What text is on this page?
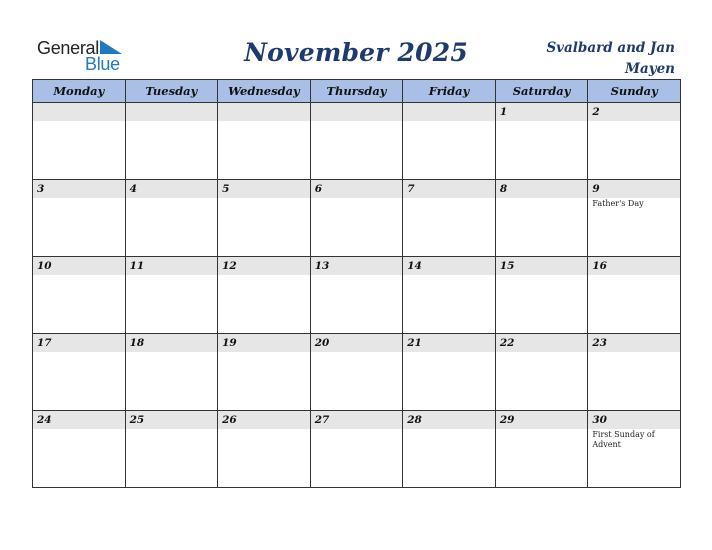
General
Blue	November 2025	Svalbard and Jan Mayen
Monday	Tuesday	Wednesday	Thursday	Friday	Saturday	Sunday

					1	2

3	4	5	6	7	8	9
Father's Day

10	11	12	13	14	15	16

17	18	19	20	21	22	23

24	25	26	27	28	29	30
First Sunday of Advent
